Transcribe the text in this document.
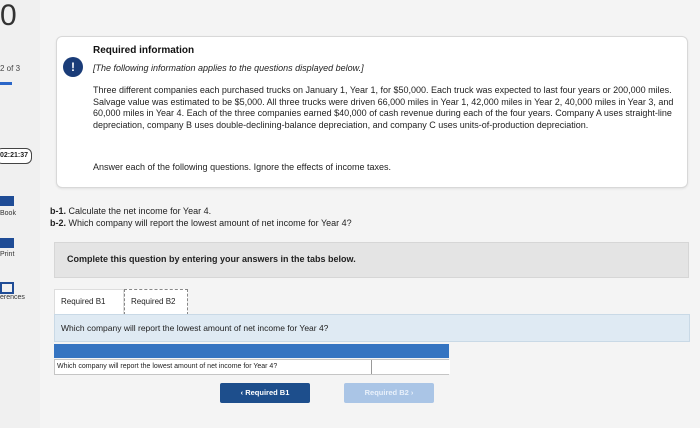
0
2 of 3
02:21:37
Book
Print
erences
!
Required information
[The following information applies to the questions displayed below.]
Three different companies each purchased trucks on January 1, Year 1, for $50,000. Each truck was expected to last four years or 200,000 miles. Salvage value was estimated to be $5,000. All three trucks were driven 66,000 miles in Year 1, 42,000 miles in Year 2, 40,000 miles in Year 3, and 60,000 miles in Year 4. Each of the three companies earned $40,000 of cash revenue during each of the four years. Company A uses straight-line depreciation, company B uses double-declining-balance depreciation, and company C uses units-of-production depreciation.
Answer each of the following questions. Ignore the effects of income taxes.
b-1. Calculate the net income for Year 4.
b-2. Which company will report the lowest amount of net income for Year 4?
Complete this question by entering your answers in the tabs below.
Required B1	Required B2
Which company will report the lowest amount of net income for Year 4?
Which company will report the lowest amount of net income for Year 4?
‹ Required B1	Required B2 ›
